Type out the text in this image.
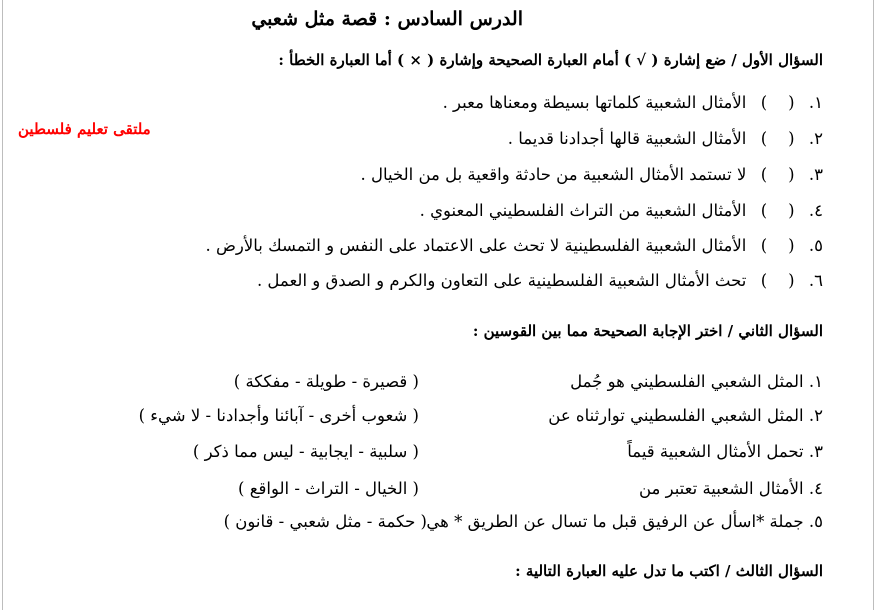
الدرس السادس : قصة مثل شعبي
ملتقى تعليم فلسطين
السؤال الأول / ضع إشارة ( √ ) أمام العبارة الصحيحة وإشارة ( × ) أما العبارة الخطأ :
١. (    ) الأمثال الشعبية كلماتها بسيطة ومعناها معبر .
٢. (    ) الأمثال الشعبية قالها أجدادنا قديما .
٣. (    ) لا تستمد الأمثال الشعبية من حادثة واقعية بل من الخيال .
٤. (    ) الأمثال الشعبية من التراث الفلسطيني المعنوي .
٥. (    ) الأمثال الشعبية الفلسطينية لا تحث على الاعتماد على النفس و التمسك بالأرض .
٦. (    ) تحث الأمثال الشعبية الفلسطينية على التعاون والكرم و الصدق و العمل .
السؤال الثاني / اختر الإجابة الصحيحة مما بين القوسين :
١. المثل الشعبي الفلسطيني هو جُمل
( قصيرة - طويلة - مفككة )
٢. المثل الشعبي الفلسطيني توارثناه عن
( شعوب أخرى - آبائنا وأجدادنا - لا شيء )
٣. تحمل الأمثال الشعبية قيماً
( سلبية - ايجابية - ليس مما ذكر )
٤. الأمثال الشعبية تعتبر من
( الخيال - التراث - الواقع )
٥. جملة *اسأل عن الرفيق قبل ما تسال عن الطريق * هي
( حكمة - مثل شعبي - قانون )
السؤال الثالث / اكتب ما تدل عليه العبارة التالية :
